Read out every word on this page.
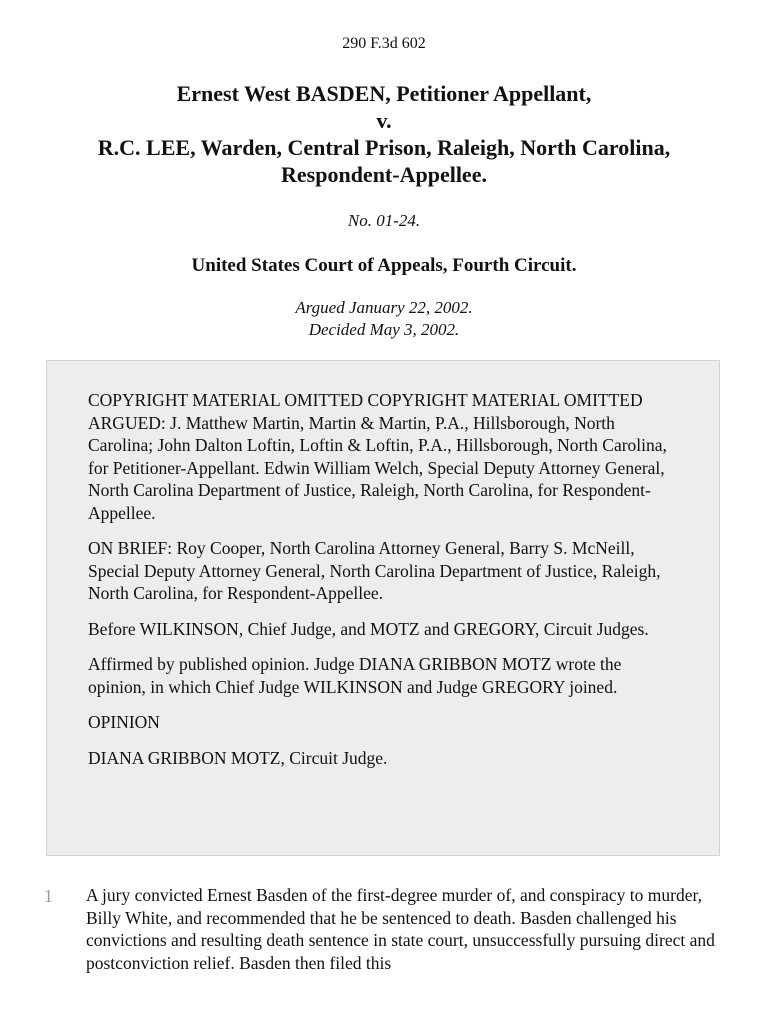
290 F.3d 602
Ernest West BASDEN, Petitioner Appellant,
v.
R.C. LEE, Warden, Central Prison, Raleigh, North Carolina,
Respondent-Appellee.
No. 01-24.
United States Court of Appeals, Fourth Circuit.
Argued January 22, 2002.
Decided May 3, 2002.

COPYRIGHT MATERIAL OMITTED COPYRIGHT MATERIAL OMITTED ARGUED: J. Matthew Martin, Martin & Martin, P.A., Hillsborough, North Carolina; John Dalton Loftin, Loftin & Loftin, P.A., Hillsborough, North Carolina, for Petitioner-Appellant. Edwin William Welch, Special Deputy Attorney General, North Carolina Department of Justice, Raleigh, North Carolina, for Respondent-Appellee.

ON BRIEF: Roy Cooper, North Carolina Attorney General, Barry S. McNeill, Special Deputy Attorney General, North Carolina Department of Justice, Raleigh, North Carolina, for Respondent-Appellee.

Before WILKINSON, Chief Judge, and MOTZ and GREGORY, Circuit Judges.

Affirmed by published opinion. Judge DIANA GRIBBON MOTZ wrote the opinion, in which Chief Judge WILKINSON and Judge GREGORY joined.

OPINION

DIANA GRIBBON MOTZ, Circuit Judge.

1 A jury convicted Ernest Basden of the first-degree murder of, and conspiracy to murder, Billy White, and recommended that he be sentenced to death. Basden challenged his convictions and resulting death sentence in state court, unsuccessfully pursuing direct and postconviction relief. Basden then filed this
